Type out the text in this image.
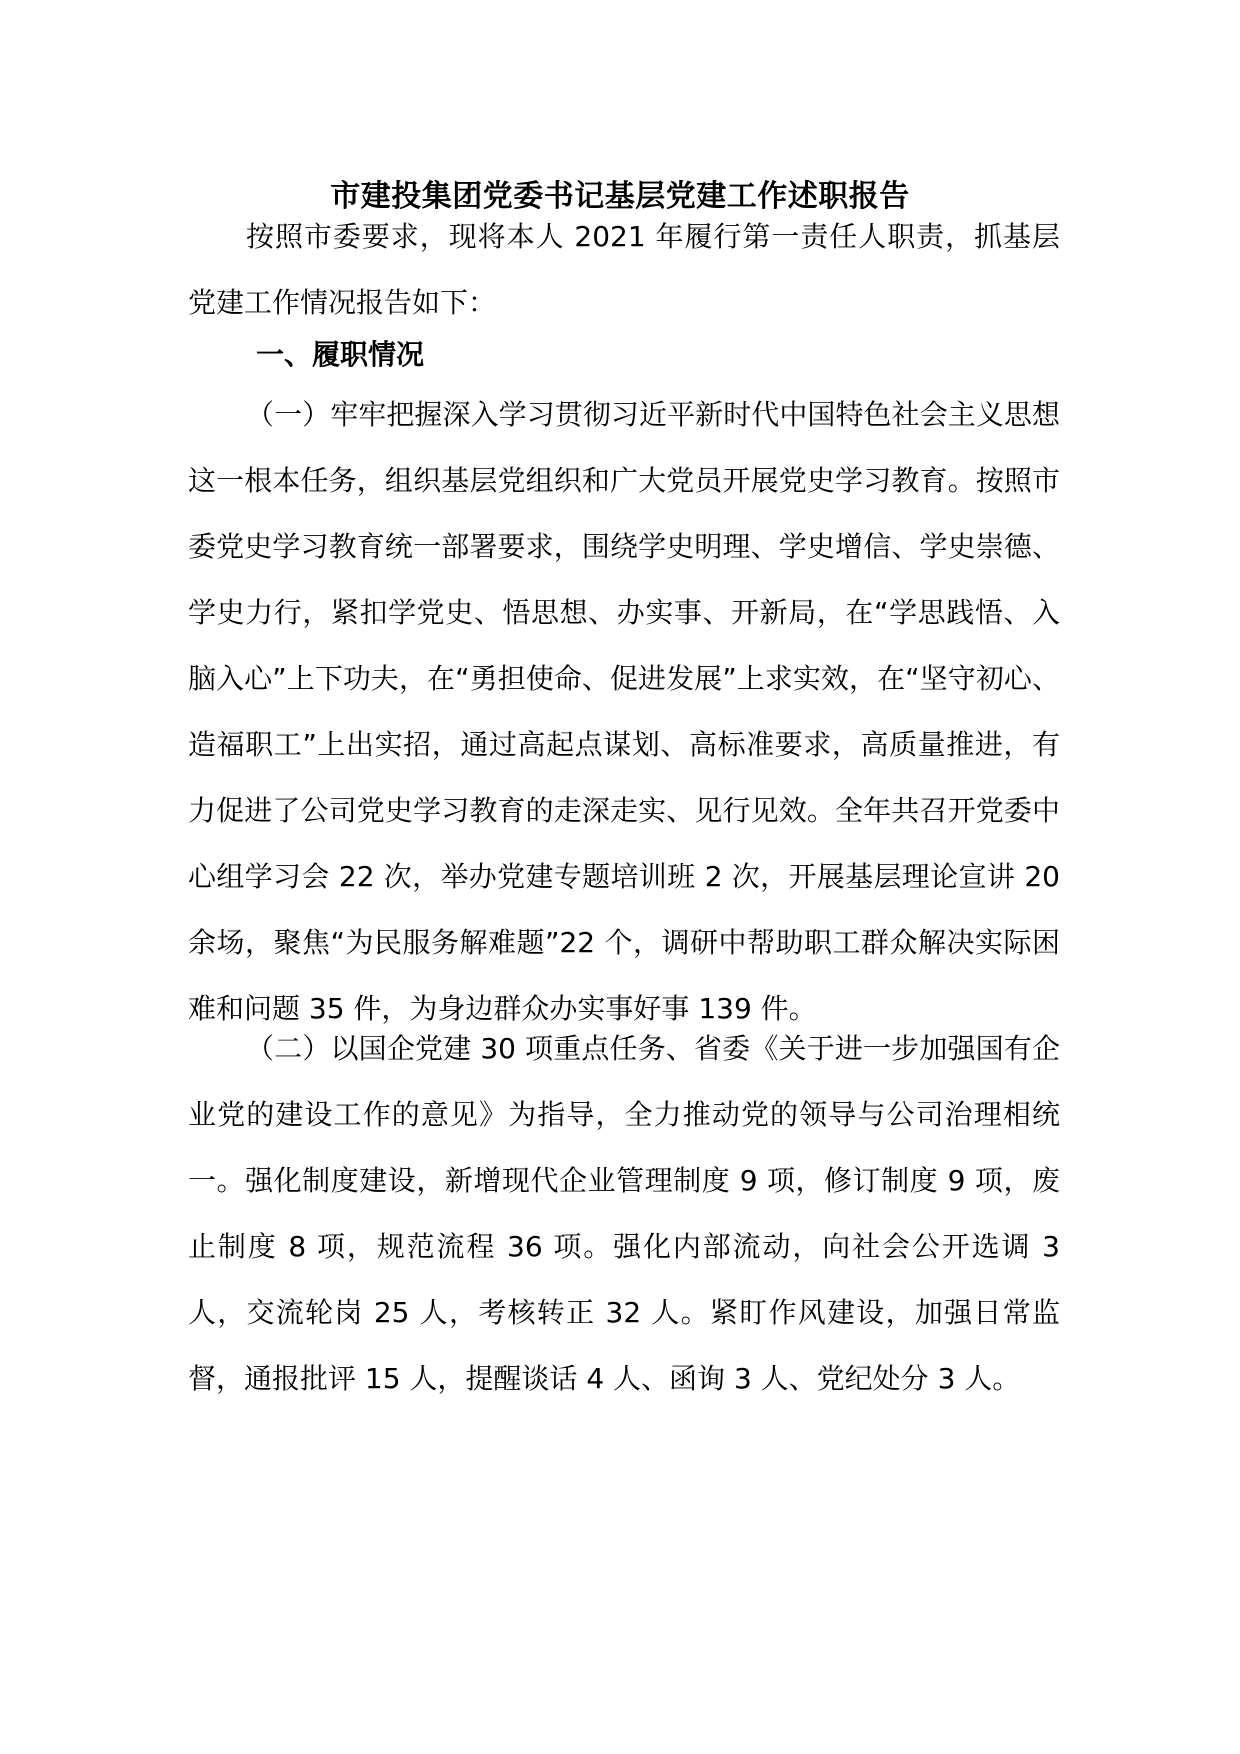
市建投集团党委书记基层党建工作述职报告

按照市委要求，现将本人 2021 年履行第一责任人职责，抓基层党建工作情况报告如下：

一、履职情况

（一）牢牢把握深入学习贯彻习近平新时代中国特色社会主义思想这一根本任务，组织基层党组织和广大党员开展党史学习教育。按照市委党史学习教育统一部署要求，围绕学史明理、学史增信、学史崇德、学史力行，紧扣学党史、悟思想、办实事、开新局，在“学思践悟、入脑入心”上下功夫，在“勇担使命、促进发展”上求实效，在“坚守初心、造福职工”上出实招，通过高起点谋划、高标准要求，高质量推进，有力促进了公司党史学习教育的走深走实、见行见效。全年共召开党委中心组学习会 22 次，举办党建专题培训班 2 次，开展基层理论宣讲 20 余场，聚焦“为民服务解难题”22 个，调研中帮助职工群众解决实际困难和问题 35 件，为身边群众办实事好事 139 件。

（二）以国企党建 30 项重点任务、省委《关于进一步加强国有企业党的建设工作的意见》为指导，全力推动党的领导与公司治理相统一。强化制度建设，新增现代企业管理制度 9 项，修订制度 9 项，废止制度 8 项，规范流程 36 项。强化内部流动，向社会公开选调 3 人，交流轮岗 25 人，考核转正 32 人。紧盯作风建设，加强日常监督，通报批评 15 人，提醒谈话 4 人、函询 3 人、党纪处分 3 人。
